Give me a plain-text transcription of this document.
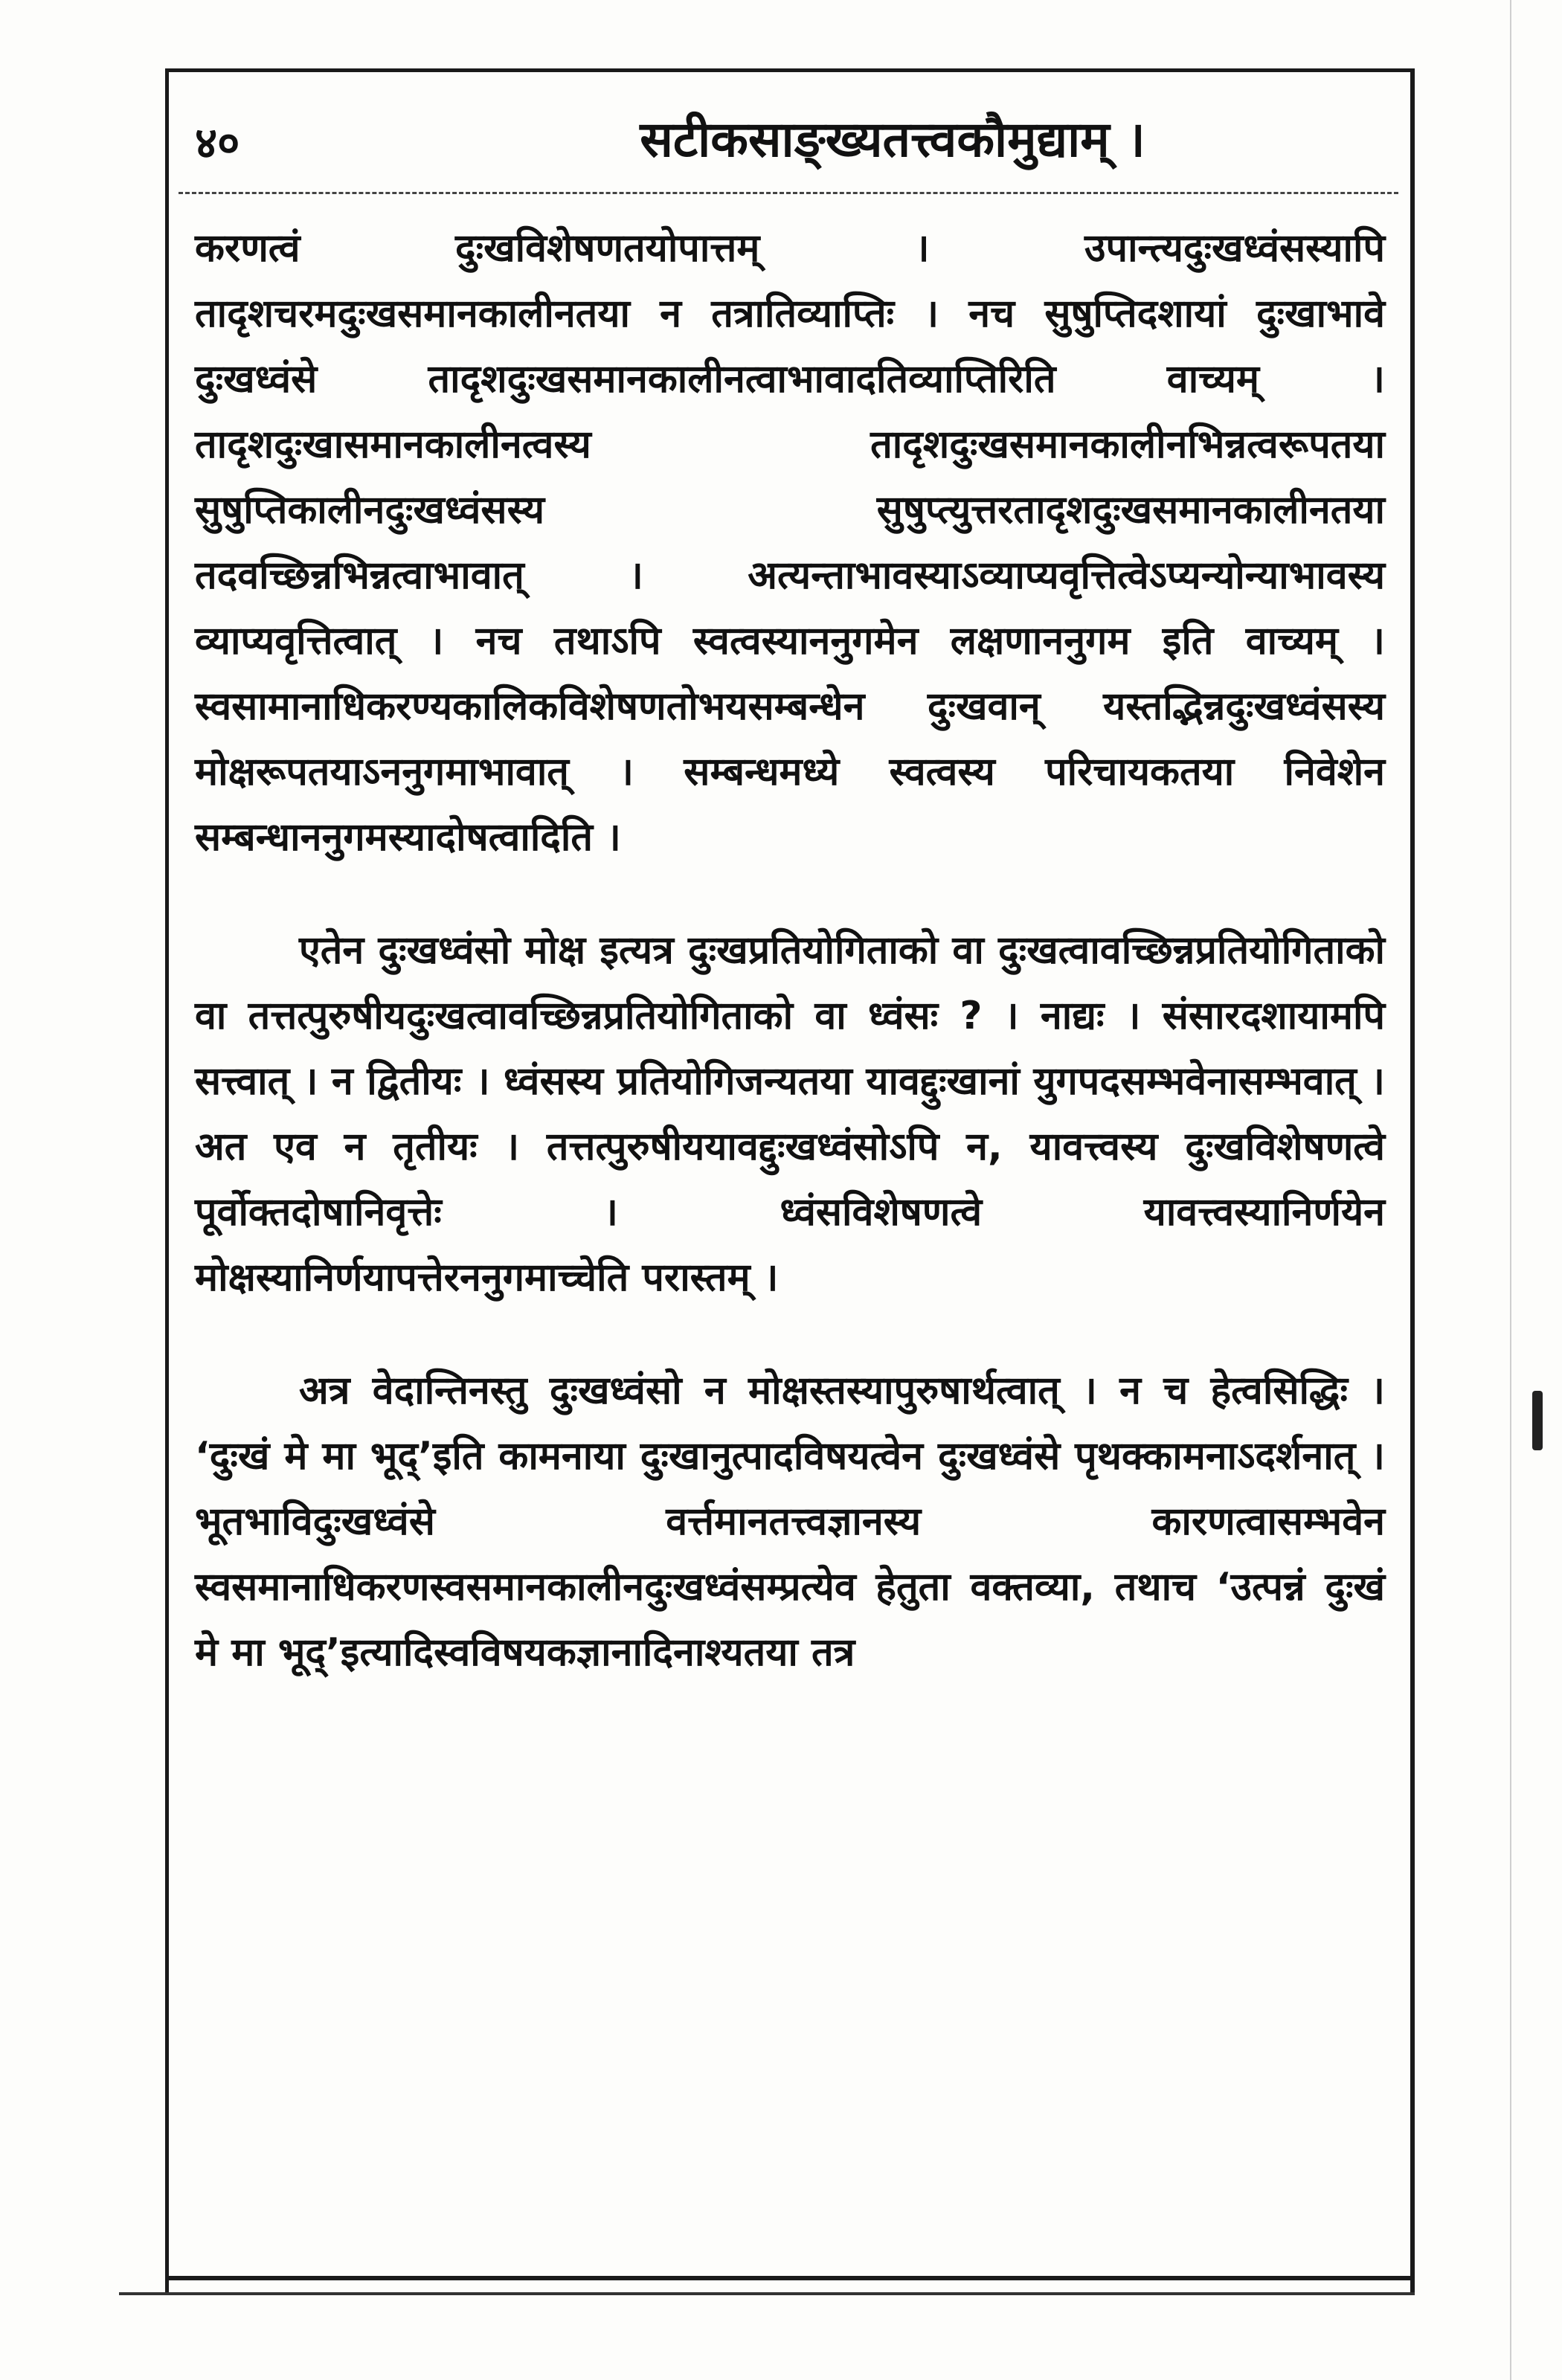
४०	सटीकसाङ्ख्यतत्त्वकौमुद्याम् ।

करणत्वं दुःखविशेषणतयोपात्तम् । उपान्त्यदुःखध्वंसस्यापि तादृशचरमदुःखसमानकालीनतया न तत्रातिव्याप्तिः । नच सुषुप्तिदशायां दुःखाभावे दुःखध्वंसे तादृशदुःखसमानकालीनत्वाभावादतिव्याप्तिरिति वाच्यम् । तादृशदुःखासमानकालीनत्वस्य तादृशदुःखसमानकालीनभिन्नत्वरूपतया सुषुप्तिकालीनदुःखध्वंसस्य सुषुप्त्युत्तरतादृशदुःखसमानकालीनतया तदवच्छिन्नभिन्नत्वाभावात् । अत्यन्ताभावस्याऽव्याप्यवृत्तित्वेऽप्यन्योन्याभावस्य व्याप्यवृत्तित्वात् । नच तथाऽपि स्वत्वस्याननुगमेन लक्षणाननुगम इति वाच्यम् । स्वसामानाधिकरण्यकालिकविशेषणतोभयसम्बन्धेन दुःखवान् यस्तद्भिन्नदुःखध्वंसस्य मोक्षरूपतयाऽननुगमाभावात् । सम्बन्धमध्ये स्वत्वस्य परिचायकतया निवेशेन सम्बन्धाननुगमस्यादोषत्वादिति ।

एतेन दुःखध्वंसो मोक्ष इत्यत्र दुःखप्रतियोगिताको वा दुःखत्वावच्छिन्नप्रतियोगिताको वा तत्तत्पुरुषीयदुःखत्वावच्छिन्नप्रतियोगिताको वा ध्वंसः ? । नाद्यः । संसारदशायामपि सत्त्वात् । न द्वितीयः । ध्वंसस्य प्रतियोगिजन्यतया यावद्दुःखानां युगपदसम्भवेनासम्भवात् । अत एव न तृतीयः । तत्तत्पुरुषीययावद्दुःखध्वंसोऽपि न, यावत्त्वस्य दुःखविशेषणत्वे पूर्वोक्तदोषानिवृत्तेः । ध्वंसविशेषणत्वे यावत्त्वस्यानिर्णयेन मोक्षस्यानिर्णयापत्तेरननुगमाच्चेति परास्तम् ।

अत्र वेदान्तिनस्तु दुःखध्वंसो न मोक्षस्तस्यापुरुषार्थत्वात् । न च हेत्वसिद्धिः । ‘दुःखं मे मा भूद्’इति कामनाया दुःखानुत्पादविषयत्वेन दुःखध्वंसे पृथक्कामनाऽदर्शनात् । भूतभाविदुःखध्वंसे वर्त्तमानतत्त्वज्ञानस्य कारणत्वासम्भवेन स्वसमानाधिकरणस्वसमानकालीनदुःखध्वंसम्प्रत्येव हेतुता वक्तव्या, तथाच ‘उत्पन्नं दुःखं मे मा भूद्’इत्यादिस्वविषयकज्ञानादिनाश्यतया तत्र
